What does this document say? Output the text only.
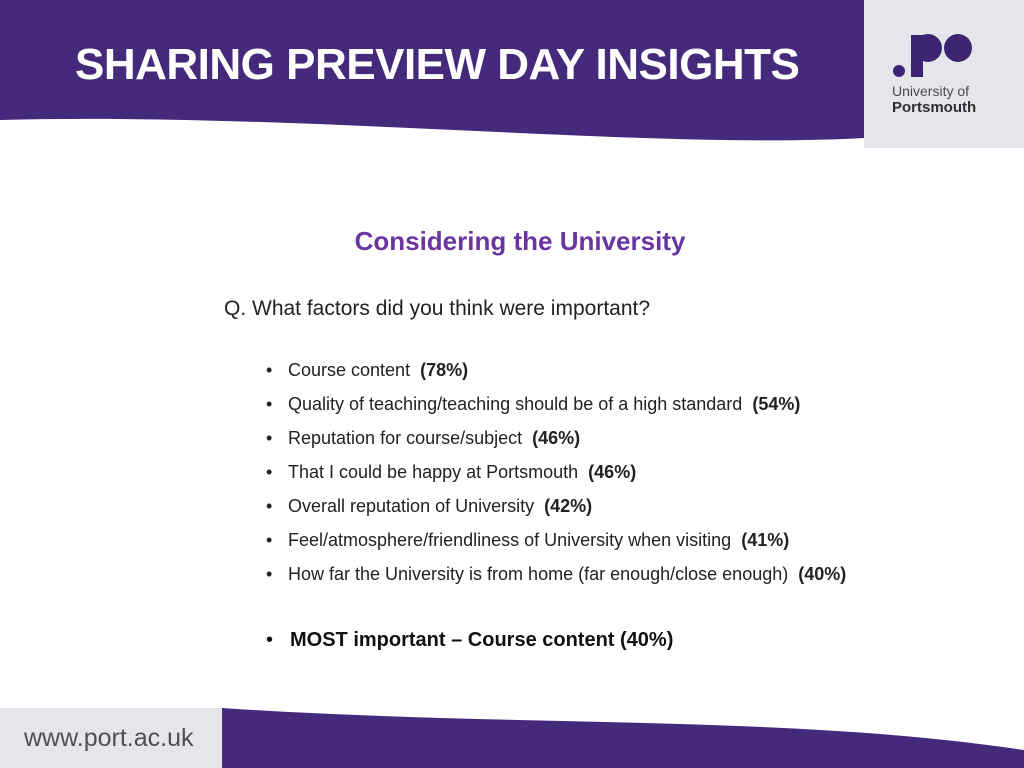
SHARING PREVIEW DAY INSIGHTS
University of
Portsmouth
Considering the University

Q. What factors did you think were important?

• Course content (78%)
• Quality of teaching/teaching should be of a high standard (54%)
• Reputation for course/subject (46%)
• That I could be happy at Portsmouth (46%)
• Overall reputation of University (42%)
• Feel/atmosphere/friendliness of University when visiting (41%)
• How far the University is from home (far enough/close enough) (40%)
• MOST important – Course content (40%)
www.port.ac.uk
